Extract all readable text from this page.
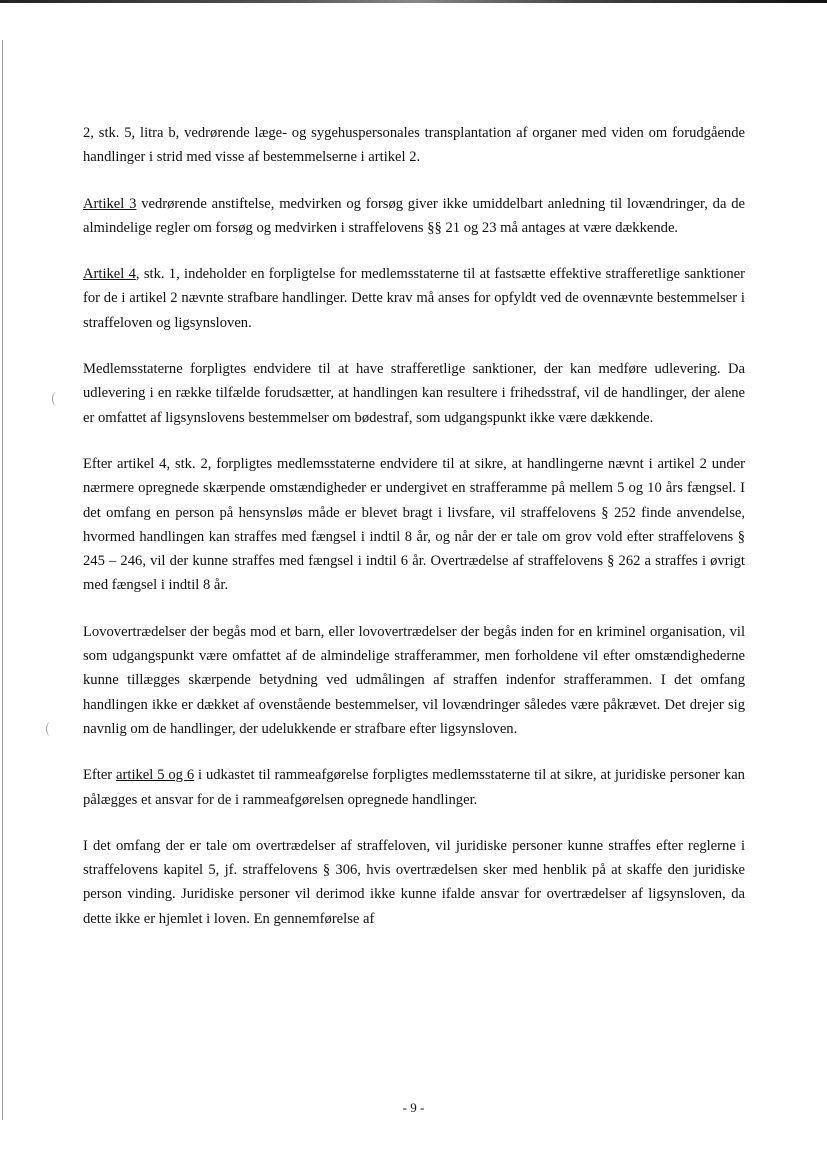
2, stk. 5, litra b, vedrørende læge- og sygehuspersonales transplantation af organer med viden om forudgående handlinger i strid med visse af bestemmelserne i artikel 2.

Artikel 3 vedrørende anstiftelse, medvirken og forsøg giver ikke umiddelbart anledning til lovændringer, da de almindelige regler om forsøg og medvirken i straffelovens §§ 21 og 23 må antages at være dækkende.

Artikel 4, stk. 1, indeholder en forpligtelse for medlemsstaterne til at fastsætte effektive strafferetlige sanktioner for de i artikel 2 nævnte strafbare handlinger. Dette krav må anses for opfyldt ved de ovennævnte bestemmelser i straffeloven og ligsynsloven.

Medlemsstaterne forpligtes endvidere til at have strafferetlige sanktioner, der kan medføre udlevering. Da udlevering i en række tilfælde forudsætter, at handlingen kan resultere i frihedsstraf, vil de handlinger, der alene er omfattet af ligsynslovens bestemmelser om bødestraf, som udgangspunkt ikke være dækkende.

Efter artikel 4, stk. 2, forpligtes medlemsstaterne endvidere til at sikre, at handlingerne nævnt i artikel 2 under nærmere opregnede skærpende omstændigheder er undergivet en strafferamme på mellem 5 og 10 års fængsel. I det omfang en person på hensynsløs måde er blevet bragt i livsfare, vil straffelovens § 252 finde anvendelse, hvormed handlingen kan straffes med fængsel i indtil 8 år, og når der er tale om grov vold efter straffelovens § 245 – 246, vil der kunne straffes med fængsel i indtil 6 år. Overtrædelse af straffelovens § 262 a straffes i øvrigt med fængsel i indtil 8 år.

Lovovertrædelser der begås mod et barn, eller lovovertrædelser der begås inden for en kriminel organisation, vil som udgangspunkt være omfattet af de almindelige strafferammer, men forholdene vil efter omstændighederne kunne tillægges skærpende betydning ved udmålingen af straffen indenfor strafferammen. I det omfang handlingen ikke er dækket af ovenstående bestemmelser, vil lovændringer således være påkrævet. Det drejer sig navnlig om de handlinger, der udelukkende er strafbare efter ligsynsloven.

Efter artikel 5 og 6 i udkastet til rammeafgørelse forpligtes medlemsstaterne til at sikre, at juridiske personer kan pålægges et ansvar for de i rammeafgørelsen opregnede handlinger.

I det omfang der er tale om overtrædelser af straffeloven, vil juridiske personer kunne straffes efter reglerne i straffelovens kapitel 5, jf. straffelovens § 306, hvis overtrædelsen sker med henblik på at skaffe den juridiske person vinding. Juridiske personer vil derimod ikke kunne ifalde ansvar for overtrædelser af ligsynsloven, da dette ikke er hjemlet i loven. En gennemførelse af

- 9 -
